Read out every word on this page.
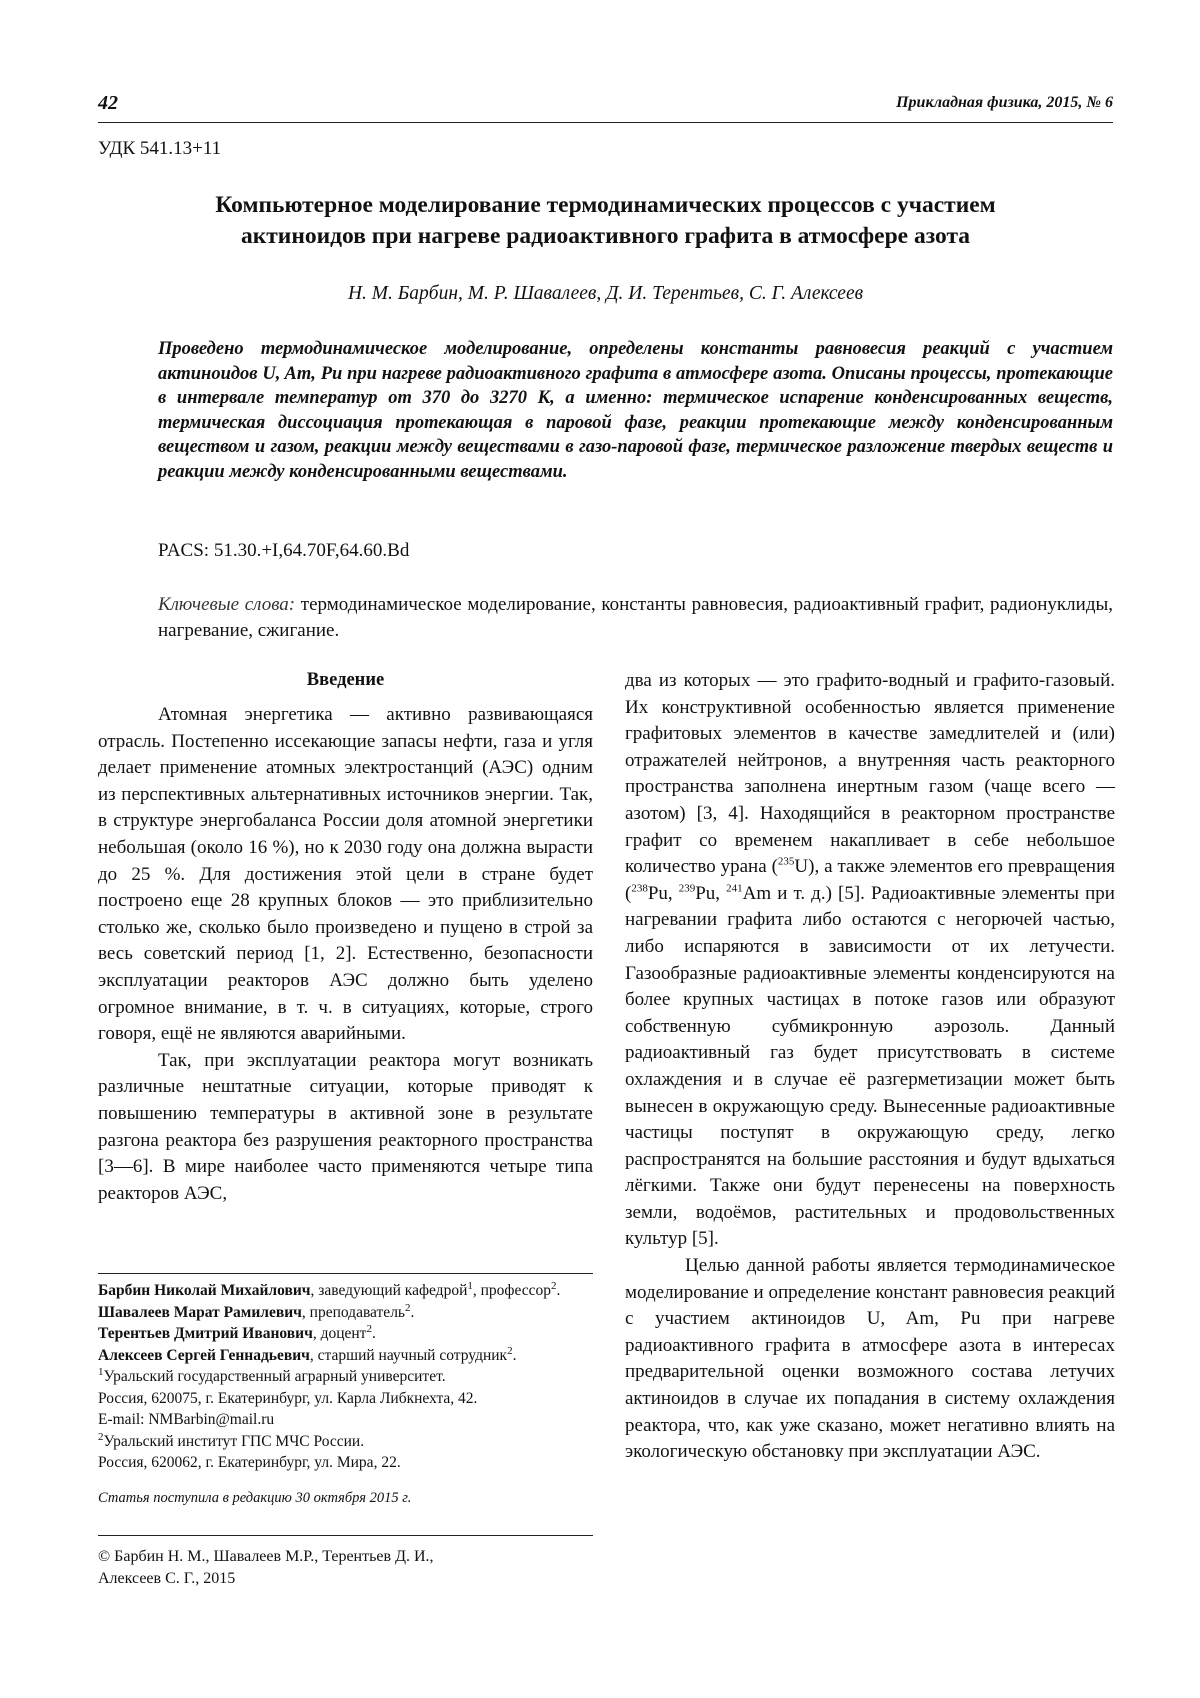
42	Прикладная физика, 2015, № 6
УДК 541.13+11
Компьютерное моделирование термодинамических процессов с участием
актиноидов при нагреве радиоактивного графита в атмосфере азота
Н. М. Барбин, М. Р. Шавалеев, Д. И. Терентьев, С. Г. Алексеев
Проведено термодинамическое моделирование, определены константы равновесия реакций с участием актиноидов U, Am, Pu при нагреве радиоактивного графита в атмосфере азота. Описаны процессы, протекающие в интервале температур от 370 до 3270 К, а именно: термическое испарение конденсированных веществ, термическая диссоциация протекающая в паровой фазе, реакции протекающие между конденсированным веществом и газом, реакции между веществами в газо-паровой фазе, термическое разложение твердых веществ и реакции между конденсированными веществами.
PACS: 51.30.+I,64.70F,64.60.Bd
Ключевые слова: термодинамическое моделирование, константы равновесия, радиоактивный графит, радионуклиды, нагревание, сжигание.
Введение

Атомная энергетика — активно развивающаяся отрасль. Постепенно иссекающие запасы нефти, газа и угля делает применение атомных электростанций (АЭС) одним из перспективных альтернативных источников энергии. Так, в структуре энергобаланса России доля атомной энергетики небольшая (около 16 %), но к 2030 году она должна вырасти до 25 %. Для достижения этой цели в стране будет построено еще 28 крупных блоков — это приблизительно столько же, сколько было произведено и пущено в строй за весь советский период [1, 2]. Естественно, безопасности эксплуатации реакторов АЭС должно быть уделено огромное внимание, в т. ч. в ситуациях, которые, строго говоря, ещё не являются аварийными.

Так, при эксплуатации реактора могут возникать различные нештатные ситуации, которые приводят к повышению температуры в активной зоне в результате разгона реактора без разрушения реакторного пространства [3—6]. В мире наиболее часто применяются четыре типа реакторов АЭС,

два из которых — это графито-водный и графито-газовый. Их конструктивной особенностью является применение графитовых элементов в качестве замедлителей и (или) отражателей нейтронов, а внутренняя часть реакторного пространства заполнена инертным газом (чаще всего — азотом) [3, 4]. Находящийся в реакторном пространстве графит со временем накапливает в себе небольшое количество урана ($^{235}$U), а также элементов его превращения ($^{238}$Pu, $^{239}$Pu, $^{241}$Am и т. д.) [5]. Радиоактивные элементы при нагревании графита либо остаются с негорючей частью, либо испаряются в зависимости от их летучести. Газообразные радиоактивные элементы конденсируются на более крупных частицах в потоке газов или образуют собственную субмикронную аэрозоль. Данный радиоактивный газ будет присутствовать в системе охлаждения и в случае её разгерметизации может быть вынесен в окружающую среду. Вынесенные радиоактивные частицы поступят в окружающую среду, легко распространятся на большие расстояния и будут вдыхаться лёгкими. Также они будут перенесены на поверхность земли, водоёмов, растительных и продовольственных культур [5].

Целью данной работы является термодинамическое моделирование и определение констант равновесия реакций с участием актиноидов U, Am, Pu при нагреве радиоактивного графита в атмосфере азота в интересах предварительной оценки возможного состава летучих актиноидов в случае их попадания в систему охлаждения реактора, что, как уже сказано, может негативно влиять на экологическую обстановку при эксплуатации АЭС.

Барбин Николай Михайлович, заведующий кафедрой$^1$, профессор$^2$.

Шавалеев Марат Рамилевич, преподаватель$^2$.

Терентьев Дмитрий Иванович, доцент$^2$.

Алексеев Сергей Геннадьевич, старший научный сотрудник$^2$.

$^1$Уральский государственный аграрный университет.

Россия, 620075, г. Екатеринбург, ул. Карла Либкнехта, 42.

E-mail: NMBarbin@mail.ru

$^2$Уральский институт ГПС МЧС России.

Россия, 620062, г. Екатеринбург, ул. Мира, 22.

Статья поступила в редакцию 30 октября 2015 г.

© Барбин Н. М., Шавалеев М.Р., Терентьев Д. И.,
Алексеев С. Г., 2015
